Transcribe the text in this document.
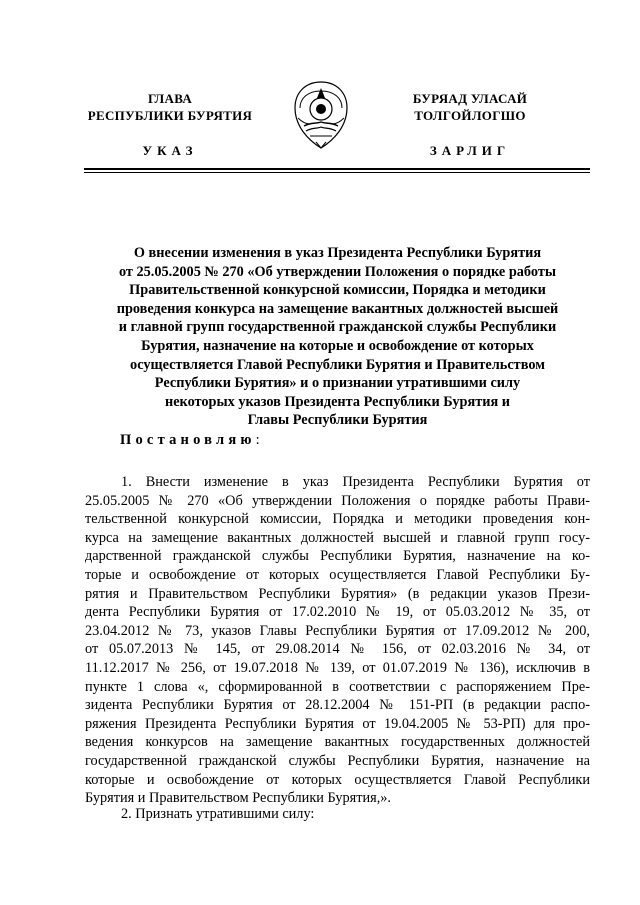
ГЛАВА
РЕСПУБЛИКИ БУРЯТИЯ
БУРЯАД УЛАСАЙ
ТОЛГОЙЛОГШО
УКАЗ	ЗАРЛИГ
О внесении изменения в указ Президента Республики Бурятия
от 25.05.2005 № 270 «Об утверждении Положения о порядке работы
Правительственной конкурсной комиссии, Порядка и методики
проведения конкурса на замещение вакантных должностей высшей
и главной групп государственной гражданской службы Республики
Бурятия, назначение на которые и освобождение от которых
осуществляется Главой Республики Бурятия и Правительством
Республики Бурятия» и о признании утратившими силу
некоторых указов Президента Республики Бурятия и
Главы Республики Бурятия
Постановляю:
1. Внести изменение в указ Президента Республики Бурятия от
25.05.2005 № 270 «Об утверждении Положения о порядке работы Прави-
тельственной конкурсной комиссии, Порядка и методики проведения кон-
курса на замещение вакантных должностей высшей и главной групп госу-
дарственной гражданской службы Республики Бурятия, назначение на ко-
торые и освобождение от которых осуществляется Главой Республики Бу-
рятия и Правительством Республики Бурятия» (в редакции указов Прези-
дента Республики Бурятия от 17.02.2010 № 19, от 05.03.2012 № 35, от
23.04.2012 № 73, указов Главы Республики Бурятия от 17.09.2012 № 200,
от 05.07.2013 № 145, от 29.08.2014 № 156, от 02.03.2016 № 34, от
11.12.2017 № 256, от 19.07.2018 № 139, от 01.07.2019 № 136), исключив в
пункте 1 слова «, сформированной в соответствии с распоряжением Пре-
зидента Республики Бурятия от 28.12.2004 № 151-РП (в редакции распо-
ряжения Президента Республики Бурятия от 19.04.2005 № 53-РП) для про-
ведения конкурсов на замещение вакантных государственных должностей
государственной гражданской службы Республики Бурятия, назначение на
которые и освобождение от которых осуществляется Главой Республики
Бурятия и Правительством Республики Бурятия,».
2. Признать утратившими силу:
